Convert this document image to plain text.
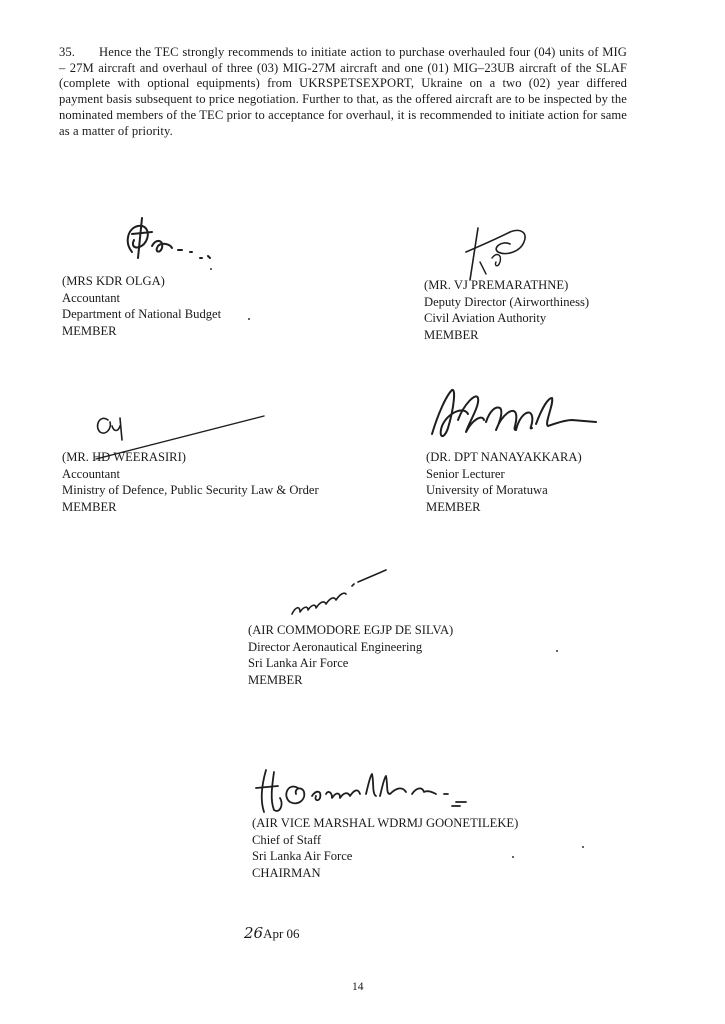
35. Hence the TEC strongly recommends to initiate action to purchase overhauled four (04) units of MIG – 27M aircraft and overhaul of three (03) MIG-27M aircraft and one (01) MIG–23UB aircraft of the SLAF (complete with optional equipments) from UKRSPETSEXPORT, Ukraine on a two (02) year differed payment basis subsequent to price negotiation. Further to that, as the offered aircraft are to be inspected by the nominated members of the TEC prior to acceptance for overhaul, it is recommended to initiate action for same as a matter of priority.
(MRS KDR OLGA)
Accountant
Department of National Budget
MEMBER
(MR. VJ PREMARATHNE)
Deputy Director (Airworthiness)
Civil Aviation Authority
MEMBER
(MR. HD WEERASIRI)
Accountant
Ministry of Defence, Public Security Law & Order
MEMBER
(DR. DPT NANAYAKKARA)
Senior Lecturer
University of Moratuwa
MEMBER
(AIR COMMODORE EGJP DE SILVA)
Director Aeronautical Engineering
Sri Lanka Air Force
MEMBER
(AIR VICE MARSHAL WDRMJ GOONETILEKE)
Chief of Staff
Sri Lanka Air Force
CHAIRMAN
26Apr 06
14
